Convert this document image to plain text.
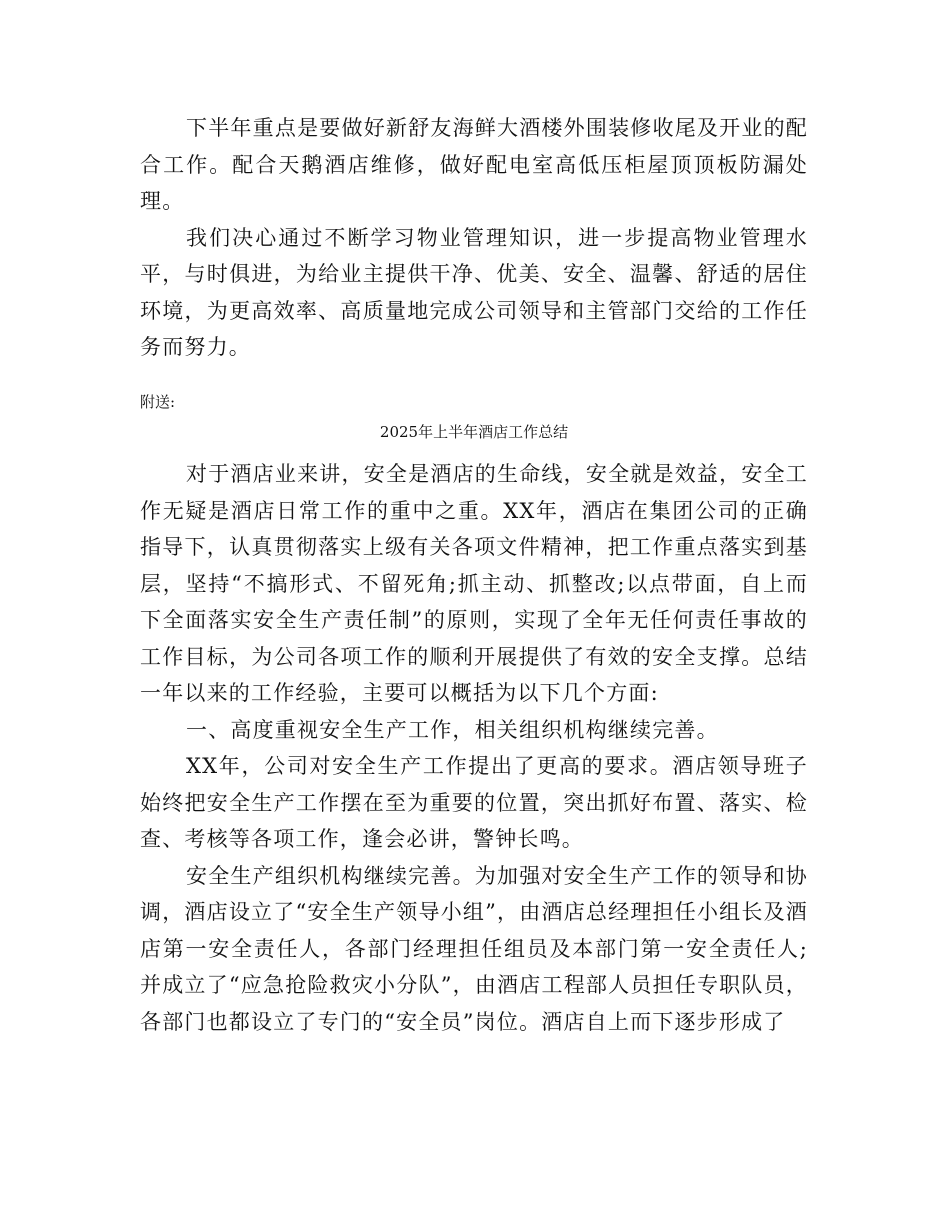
下半年重点是要做好新舒友海鲜大酒楼外围装修收尾及开业的配合工作。配合天鹅酒店维修，做好配电室高低压柜屋顶顶板防漏处理。

我们决心通过不断学习物业管理知识，进一步提高物业管理水平，与时俱进，为给业主提供干净、优美、安全、温馨、舒适的居住环境，为更高效率、高质量地完成公司领导和主管部门交给的工作任务而努力。

附送:

2025年上半年酒店工作总结

对于酒店业来讲，安全是酒店的生命线，安全就是效益，安全工作无疑是酒店日常工作的重中之重。XX年，酒店在集团公司的正确指导下，认真贯彻落实上级有关各项文件精神，把工作重点落实到基层，坚持“不搞形式、不留死角;抓主动、抓整改;以点带面，自上而下全面落实安全生产责任制”的原则，实现了全年无任何责任事故的工作目标，为公司各项工作的顺利开展提供了有效的安全支撑。总结一年以来的工作经验，主要可以概括为以下几个方面:

一、高度重视安全生产工作，相关组织机构继续完善。

XX年，公司对安全生产工作提出了更高的要求。酒店领导班子始终把安全生产工作摆在至为重要的位置，突出抓好布置、落实、检查、考核等各项工作，逢会必讲，警钟长鸣。

安全生产组织机构继续完善。为加强对安全生产工作的领导和协调，酒店设立了“安全生产领导小组”，由酒店总经理担任小组长及酒店第一安全责任人，各部门经理担任组员及本部门第一安全责任人;并成立了“应急抢险救灾小分队”，由酒店工程部人员担任专职队员，各部门也都设立了专门的“安全员”岗位。酒店自上而下逐步形成了
